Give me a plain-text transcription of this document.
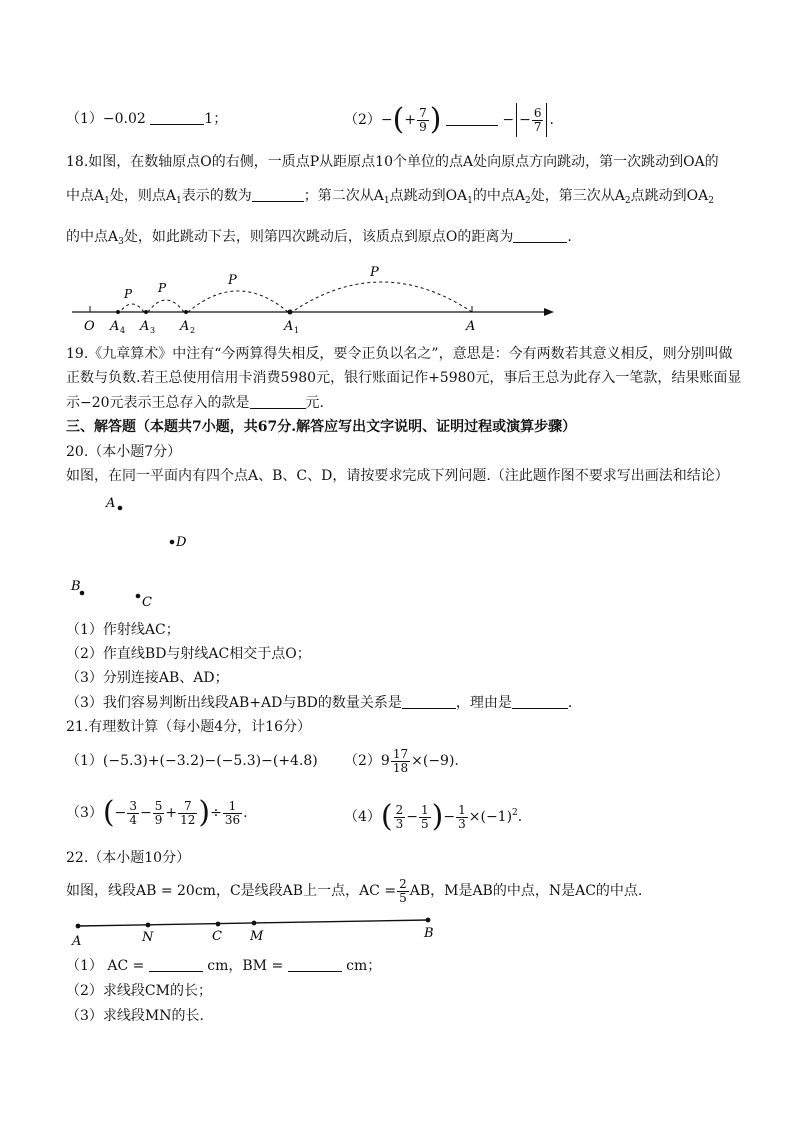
（1）−0.02	1；	$(2)-(+ \frac{7}{9}$ )	− − $\frac{6}{7}$ .
18.如图，在数轴原点O的右侧，一质点P从距原点10个单位的点A处向原点方向跳动，第一次跳动到OA的
中点$A_1$处，则点$A_1$表示的数为	；第二次从$A_1$点跳动到$OA_1$的中点$A_2$处，第三次从$A_2$点跳动到$OA_2$
的中点$A_3$处，如此跳动下去，则第四次跳动后，该质点到原点O的距离为	.
P
P
P
P
O A 4 A 3 A 2	A 1	A
19.《九章算术》中注有“今两算得失相反，要令正负以名之”，意思是：今有两数若其意义相反，则分别叫做
正数与负数.若王总使用信用卡消费5980元，银行账面记作+5980元，事后王总为此存入一笔款，结果账面显
示−20元表示王总存入的款是	元.
三、解答题（本题共7小题，共67分.解答应写出文字说明、证明过程或演算步骤）
20.（本小题7分）
如图，在同一平面内有四个点A、B、C、D，请按要求完成下列问题.（注此题作图不要求写出画法和结论）
A
D
B
C
（1）作射线AC；
（2）作直线BD与射线AC相交于点O；
（3）分别连接AB、AD；
（3）我们容易判断出线段AB+AD与BD的数量关系是	，理由是	.
21.有理数计算（每小题4分，计16分）
（1）(−5.3)+(−3.2)−(−5.3)−(+4.8) $(2)9 \frac{17}{18} \times(-9)$.
$(3)(- \frac{3}{4} - \frac{5}{9} + \frac{7}{12}$ )÷ $\frac{1}{36}$ .	$(4)( \frac{2}{3} - \frac{1}{5}$ )− $\frac{1}{3} \times(-1)^2$.
22.（本小题10分）
如图，线段AB = 20cm，C是线段AB上一点，AC = $\frac{2}{5}$ AB，M是AB的中点，N是AC的中点.
A	N	C M	B
（1） AC =	cm，BM =	cm；
（2）求线段CM的长；
（3）求线段MN的长.
